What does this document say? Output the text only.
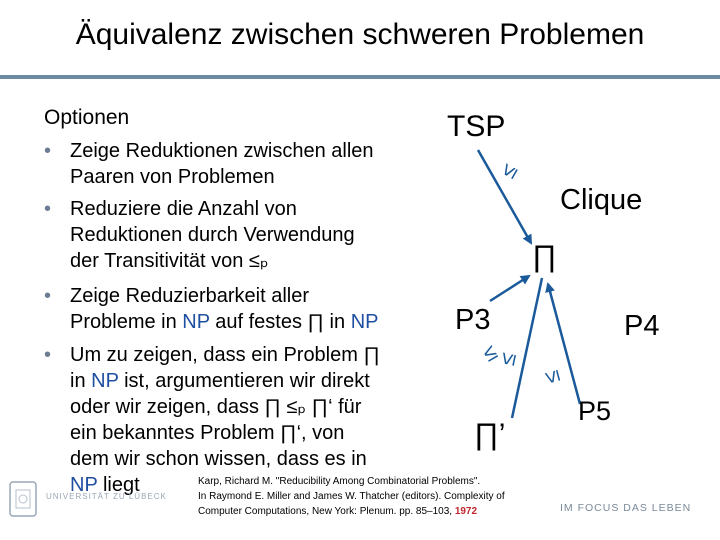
Äquivalenz zwischen schweren Problemen
Optionen
• Zeige Reduktionen zwischen allen
Paaren von Problemen
• Reduziere die Anzahl von
Reduktionen durch Verwendung
der Transitivität von ≤ₚ
• Zeige Reduzierbarkeit aller
Probleme in NP auf festes ∏ in NP
• Um zu zeigen, dass ein Problem ∏
in NP ist, argumentieren wir direkt
oder wir zeigen, dass ∏ ≤ₚ ∏‘ für
ein bekanntes Problem ∏‘, von
dem wir schon wissen, dass es in
NP liegt
TSP
Clique
∏
P3	P4
P5
∏’
≤
≤
≤
≤
Karp, Richard M. "Reducibility Among Combinatorial Problems".
In Raymond E. Miller and James W. Thatcher (editors). Complexity of
Computer Computations, New York: Plenum. pp. 85–103, 1972
UNIVERSITÄT ZU LÜBECK
IM FOCUS DAS LEBEN
